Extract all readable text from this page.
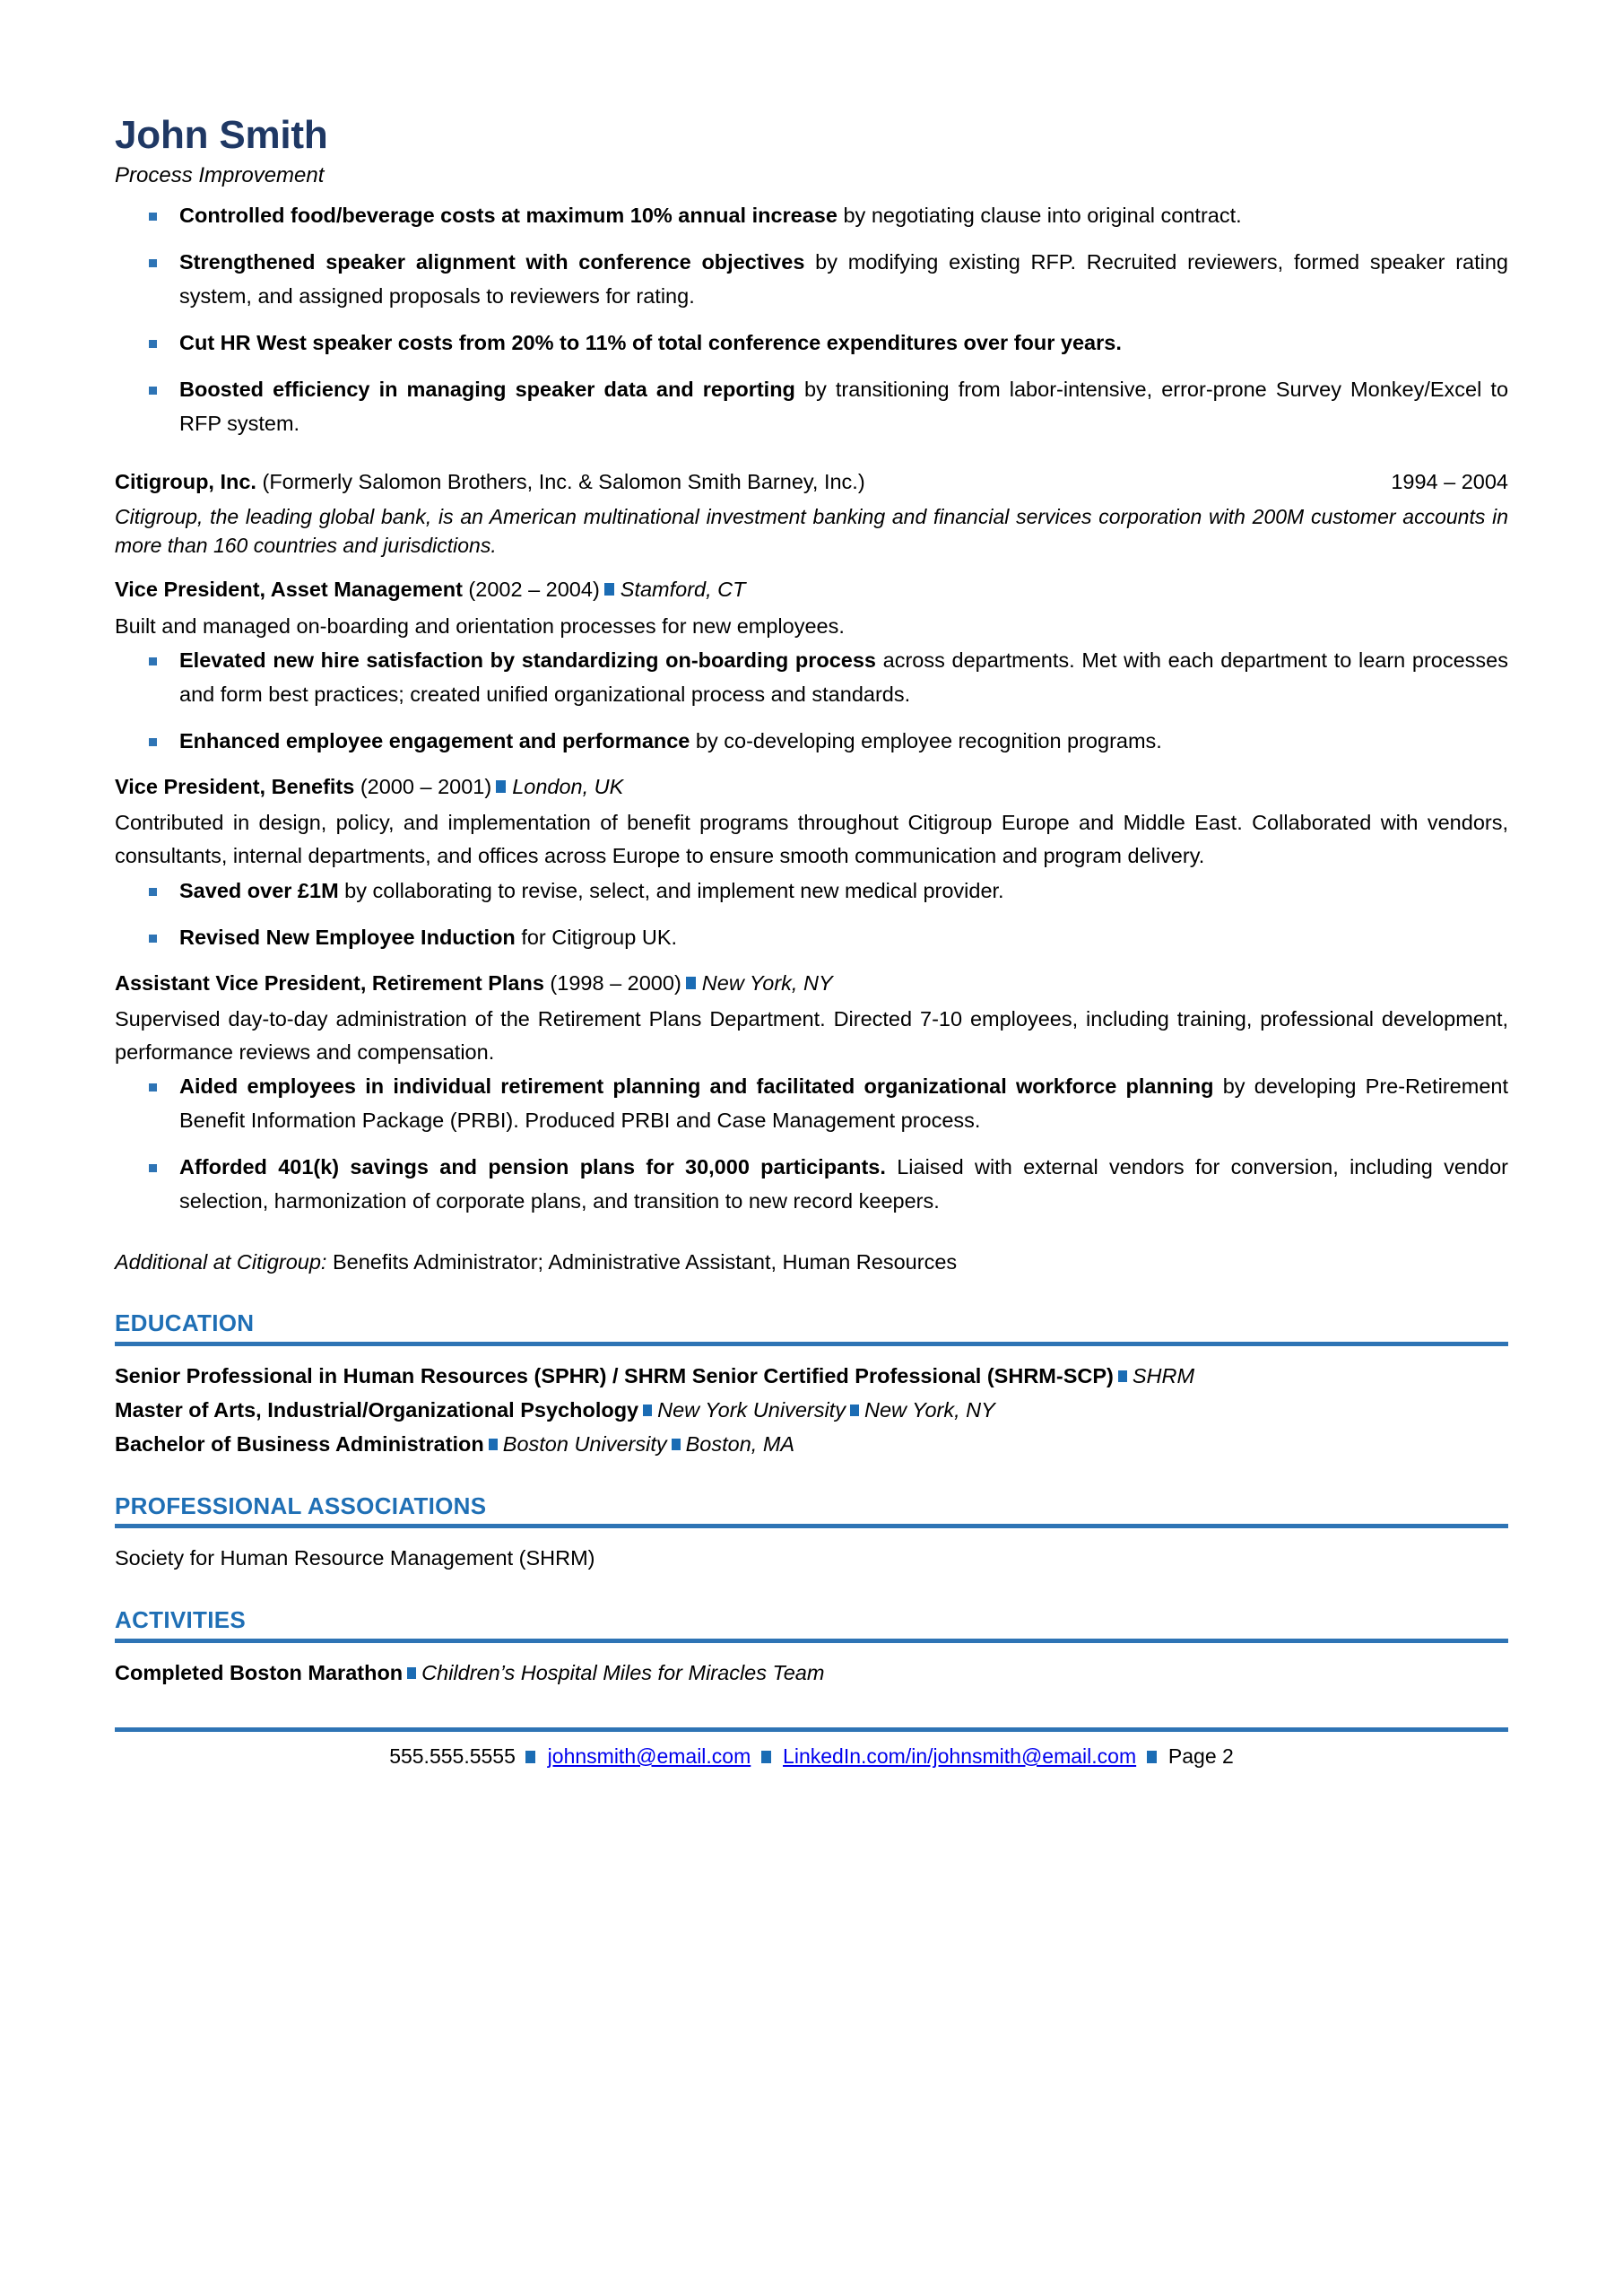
John Smith
Process Improvement
Controlled food/beverage costs at maximum 10% annual increase by negotiating clause into original contract.
Strengthened speaker alignment with conference objectives by modifying existing RFP. Recruited reviewers, formed speaker rating system, and assigned proposals to reviewers for rating.
Cut HR West speaker costs from 20% to 11% of total conference expenditures over four years.
Boosted efficiency in managing speaker data and reporting by transitioning from labor-intensive, error-prone Survey Monkey/Excel to RFP system.
Citigroup, Inc. (Formerly Salomon Brothers, Inc. & Salomon Smith Barney, Inc.)	1994 – 2004
Citigroup, the leading global bank, is an American multinational investment banking and financial services corporation with 200M customer accounts in more than 160 countries and jurisdictions.
Vice President, Asset Management (2002 – 2004) Stamford, CT
Built and managed on-boarding and orientation processes for new employees.
Elevated new hire satisfaction by standardizing on-boarding process across departments. Met with each department to learn processes and form best practices; created unified organizational process and standards.
Enhanced employee engagement and performance by co-developing employee recognition programs.
Vice President, Benefits (2000 – 2001) London, UK
Contributed in design, policy, and implementation of benefit programs throughout Citigroup Europe and Middle East. Collaborated with vendors, consultants, internal departments, and offices across Europe to ensure smooth communication and program delivery.
Saved over £1M by collaborating to revise, select, and implement new medical provider.
Revised New Employee Induction for Citigroup UK.
Assistant Vice President, Retirement Plans (1998 – 2000) New York, NY
Supervised day-to-day administration of the Retirement Plans Department. Directed 7-10 employees, including training, professional development, performance reviews and compensation.
Aided employees in individual retirement planning and facilitated organizational workforce planning by developing Pre-Retirement Benefit Information Package (PRBI). Produced PRBI and Case Management process.
Afforded 401(k) savings and pension plans for 30,000 participants. Liaised with external vendors for conversion, including vendor selection, harmonization of corporate plans, and transition to new record keepers.
Additional at Citigroup: Benefits Administrator; Administrative Assistant, Human Resources
EDUCATION
Senior Professional in Human Resources (SPHR) / SHRM Senior Certified Professional (SHRM-SCP) SHRM
Master of Arts, Industrial/Organizational Psychology New York University New York, NY
Bachelor of Business Administration Boston University Boston, MA
PROFESSIONAL ASSOCIATIONS
Society for Human Resource Management (SHRM)
ACTIVITIES
Completed Boston Marathon Children’s Hospital Miles for Miracles Team
555.555.5555 johnsmith@email.com LinkedIn.com/in/johnsmith@email.com Page 2
